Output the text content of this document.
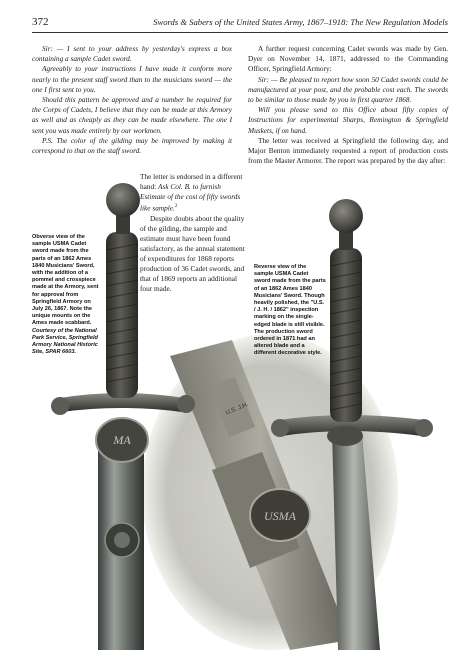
372	Swords & Sabers of the United States Army, 1867–1918: The New Regulation Models
USMA
U.S. J.H.
MA

Sir: — I sent to your address by yesterday's express a box containing a sample Cadet sword.

Agreeably to your instructions I have made it conform more nearly to the present staff sword than to the musicians sword — the one I first sent to you.

Should this pattern be approved and a number be required for the Corps of Cadets, I believe that they can be made at this Armory as well and as cheaply as they can be made elsewhere. The one I sent you was made entirely by our workmen.

P.S. The color of the gilding may be improved by making it correspond to that on the staff sword.

A further request concerning Cadet swords was made by Gen. Dyer on November 14, 1871, addressed to the Commanding Officer, Springfield Armory:

Sir: — Be pleased to report how soon 50 Cadet swords could be manufactured at your post, and the probable cost each. The swords to be similar to those made by you in first quarter 1868.

Will you please send to this Office about fifty copies of Instructions for experimental Sharps, Remington & Springfield Muskets, if on hand.

The letter was received at Springfield the following day, and Major Benton immediately requested a report of production costs from the Master Armorer. The report was prepared by the day after:

The letter is endorsed in a different hand: Ask Col. B. to furnish Estimate of the cost of fifty swords like sample.$^2$

Despite doubts about the quality of the gilding, the sample and estimate must have been found satisfactory, as the annual statement of expenditures for 1868 reports production of 36 Cadet swords, and that of 1869 reports an additional four made.

Obverse view of the sample USMA Cadet sword made from the parts of an 1862 Ames 1840 Musicians' Sword, with the addition of a pommel and crosspiece made at the Armory, sent for approval from Springfield Armory on July 26, 1867. Note the unique mounts on the Ames made scabbard. Courtesy of the National Park Service, Springfield Armory National Historic Site, SPAR 6603.
Reverse view of the sample USMA Cadet sword made from the parts of an 1862 Ames 1840 Musicians' Sword. Though heavily polished, the "U.S. / J. H. / 1862" inspection marking on the single-edged blade is still visible. The production sword ordered in 1871 had an altered blade and a different decorative style.
